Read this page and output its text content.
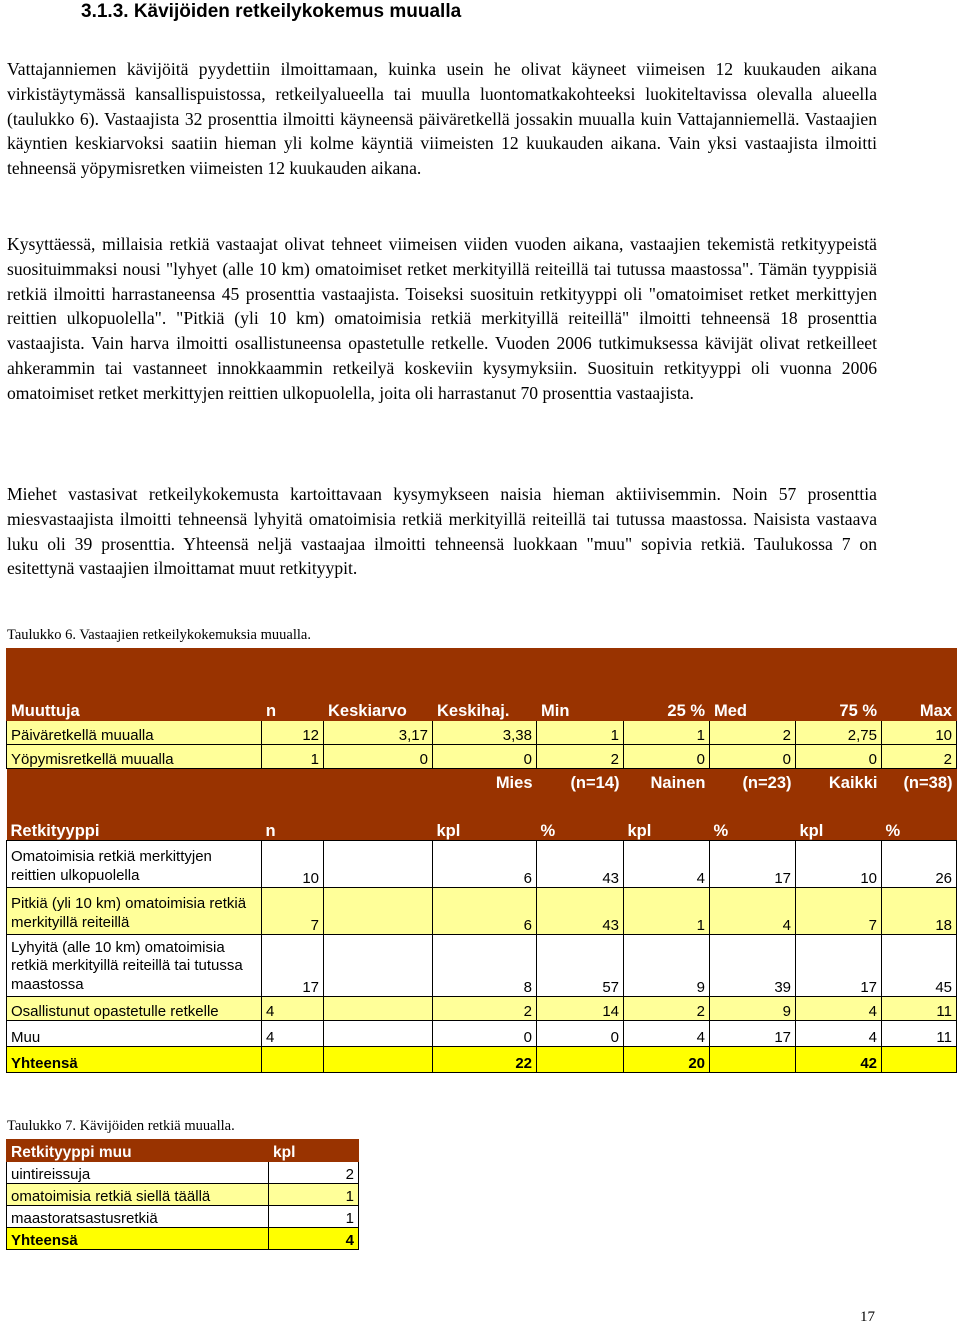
3.1.3. Kävijöiden retkeilykokemus muualla

Vattajanniemen kävijöitä pyydettiin ilmoittamaan, kuinka usein he olivat käyneet viimeisen 12 kuukauden aikana virkistäytymässä kansallispuistossa, retkeilyalueella tai muulla luontomatkakohteeksi luokiteltavissa olevalla alueella (taulukko 6). Vastaajista 32 prosenttia ilmoitti käyneensä päiväretkellä jossakin muualla kuin Vattajanniemellä. Vastaajien käyntien keskiarvoksi saatiin hieman yli kolme käyntiä viimeisten 12 kuukauden aikana. Vain yksi vastaajista ilmoitti tehneensä yöpymisretken viimeisten 12 kuukauden aikana.

Kysyttäessä, millaisia retkiä vastaajat olivat tehneet viimeisen viiden vuoden aikana, vastaajien tekemistä retkityypeistä suosituimmaksi nousi "lyhyet (alle 10 km) omatoimiset retket merkityillä reiteillä tai tutussa maastossa". Tämän tyyppisiä retkiä ilmoitti harrastaneensa 45 prosenttia vastaajista. Toiseksi suosituin retkityyppi oli "omatoimiset retket merkittyjen reittien ulkopuolella". "Pitkiä (yli 10 km) omatoimisia retkiä merkityillä reiteillä" ilmoitti tehneensä 18 prosenttia vastaajista. Vain harva ilmoitti osallistuneensa opastetulle retkelle. Vuoden 2006 tutkimuksessa kävijät olivat retkeilleet ahkerammin tai vastanneet innokkaammin retkeilyä koskeviin kysymyksiin. Suosituin retkityyppi oli vuonna 2006 omatoimiset retket merkittyjen reittien ulkopuolella, joita oli harrastanut 70 prosenttia vastaajista.

Miehet vastasivat retkeilykokemusta kartoittavaan kysymykseen naisia hieman aktiivisemmin. Noin 57 prosenttia miesvastaajista ilmoitti tehneensä lyhyitä omatoimisia retkiä merkityillä reiteillä tai tutussa maastossa. Naisista vastaava luku oli 39 prosenttia. Yhteensä neljä vastaajaa ilmoitti tehneensä luokkaan "muu" sopivia retkiä. Taulukossa 7 on esitettynä vastaajien ilmoittamat muut retkityypit.

Taulukko 6. Vastaajien retkeilykokemuksia muualla.
Muuttuja	n	Keskiarvo	Keskihaj.	Min	25 %	Med	75 %	Max
Päiväretkellä muualla	12	3,17	3,38	1	1	2	2,75	10
Yöpymisretkellä muualla	1	0	0	2	0	0	0	2
			Mies	(n=14)	Nainen	(n=23)	Kaikki	(n=38)
Retkityyppi	n		kpl	%	kpl	%	kpl	%
Omatoimisia retkiä merkittyjen reittien ulkopuolella	10		6	43	4	17	10	26
Pitkiä (yli 10 km) omatoimisia retkiä merkityillä reiteillä	7		6	43	1	4	7	18
Lyhyitä (alle 10 km) omatoimisia retkiä merkityillä reiteillä tai tutussa maastossa	17		8	57	9	39	17	45
Osallistunut opastetulle retkelle	4		2	14	2	9	4	11
Muu	4		0	0	4	17	4	11
Yhteensä			22		20		42	
Taulukko 7. Kävijöiden retkiä muualla.
Retkityyppi muu	kpl
uintireissuja	2
omatoimisia retkiä siellä täällä	1
maastoratsastusretkiä	1
Yhteensä	4
17
